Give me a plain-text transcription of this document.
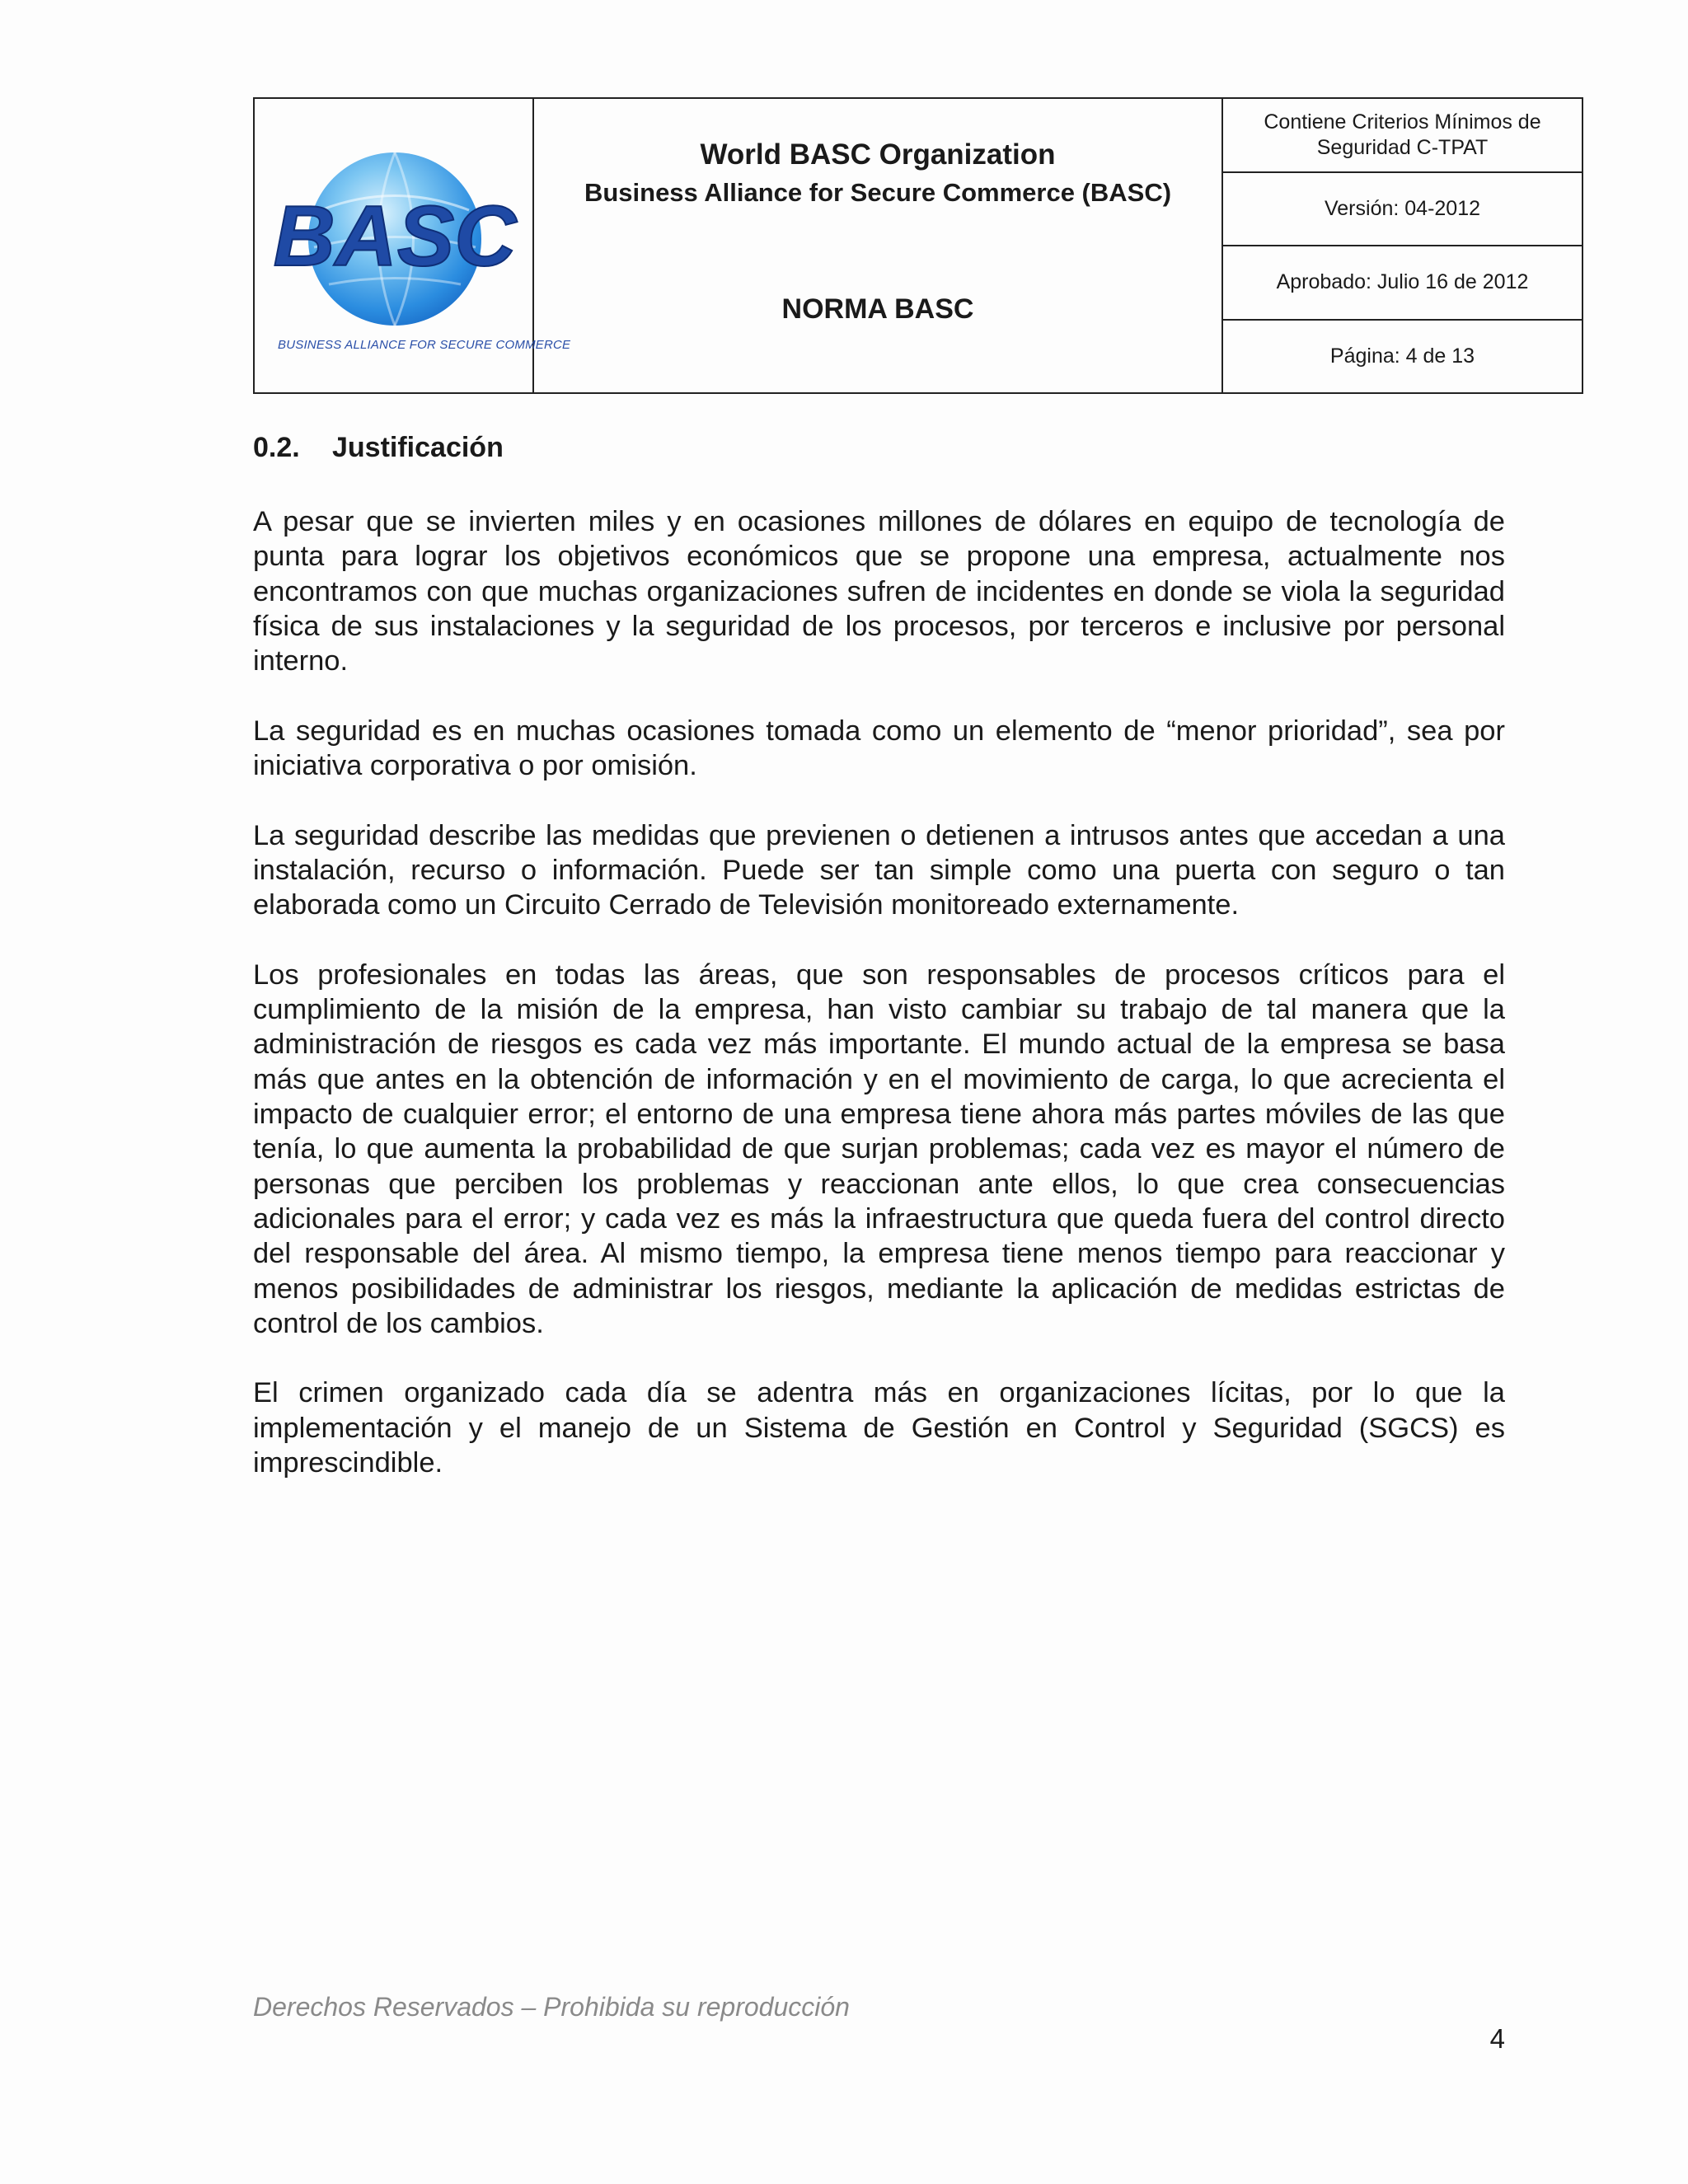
BASC
BUSINESS ALLIANCE FOR SECURE COMMERCE
World BASC Organization
Business Alliance for Secure Commerce (BASC)
NORMA BASC
Contiene Criterios Mínimos de Seguridad C-TPAT
Versión: 04-2012
Aprobado: Julio 16 de 2012
Página: 4 de 13
0.2. Justificación

A pesar que se invierten miles y en ocasiones millones de dólares en equipo de tecnología de punta para lograr los objetivos económicos que se propone una empresa, actualmente nos encontramos con que muchas organizaciones sufren de incidentes en donde se viola la seguridad física de sus instalaciones y la seguridad de los procesos, por terceros e inclusive por personal interno.

La seguridad es en muchas ocasiones tomada como un elemento de “menor prioridad”, sea por iniciativa corporativa o por omisión.

La seguridad describe las medidas que previenen o detienen a intrusos antes que accedan a una instalación, recurso o información. Puede ser tan simple como una puerta con seguro o tan elaborada como un Circuito Cerrado de Televisión monitoreado externamente.

Los profesionales en todas las áreas, que son responsables de procesos críticos para el cumplimiento de la misión de la empresa, han visto cambiar su trabajo de tal manera que la administración de riesgos es cada vez más importante. El mundo actual de la empresa se basa más que antes en la obtención de información y en el movimiento de carga, lo que acrecienta el impacto de cualquier error; el entorno de una empresa tiene ahora más partes móviles de las que tenía, lo que aumenta la probabilidad de que surjan problemas; cada vez es mayor el número de personas que perciben los problemas y reaccionan ante ellos, lo que crea consecuencias adicionales para el error; y cada vez es más la infraestructura que queda fuera del control directo del responsable del área. Al mismo tiempo, la empresa tiene menos tiempo para reaccionar y menos posibilidades de administrar los riesgos, mediante la aplicación de medidas estrictas de control de los cambios.

El crimen organizado cada día se adentra más en organizaciones lícitas, por lo que la implementación y el manejo de un Sistema de Gestión en Control y Seguridad (SGCS) es imprescindible.

Derechos Reservados – Prohibida su reproducción
4
